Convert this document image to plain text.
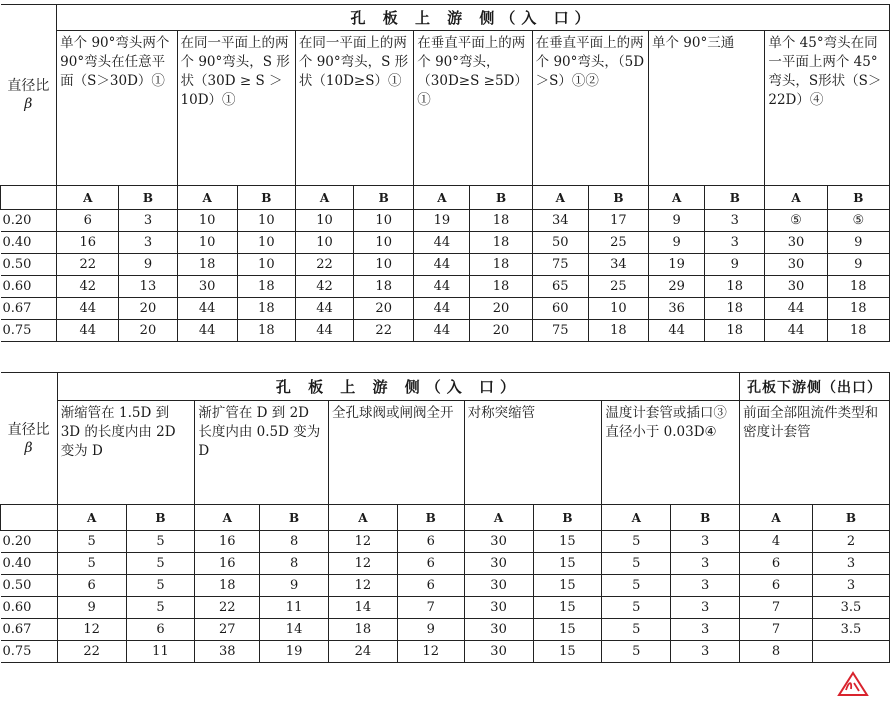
直径比
β	孔 板 上 游 侧（入 口）													
	单个 90°弯头两个 90°弯头在任意平面（S＞30D）①		在同一平面上的两个 90°弯头，S 形状（30D ≥ S ＞ 10D）①		在同一平面上的两个 90°弯头，S 形状（10D≥S）①		在垂直平面上的两个 90°弯头，（30D≥S ≥5D）①		在垂直平面上的两个 90°弯头，（5D＞S）①②		单个 90°三通		单个 45°弯头在同一平面上两个 45°弯头，S形状（S＞22D）④	
	A	B	A	B	A	B	A	B	A	B	A	B	A	B
0.20	6	3	10	10	10	10	19	18	34	17	9	3	⑤	⑤
0.40	16	3	10	10	10	10	44	18	50	25	9	3	30	9
0.50	22	9	18	10	22	10	44	18	75	34	19	9	30	9
0.60	42	13	30	18	42	18	44	18	65	25	29	18	30	18
0.67	44	20	44	18	44	20	44	20	60	10	36	18	44	18
0.75	44	20	44	18	44	22	44	20	75	18	44	18	44	18
直径比
β	孔 板 上 游 侧（入 口）										孔板下游侧（出口）	
	渐缩管在 1.5D 到 3D 的长度内由 2D 变为 D		渐扩管在 D 到 2D 长度内由 0.5D 变为 D		全孔球阀或闸阀全开		对称突缩管		温度计套管或插口③ 直径小于 0.03D④		前面全部阻流件类型和密度计套管	
	A	B	A	B	A	B	A	B	A	B	A	B
0.20	5	5	16	8	12	6	30	15	5	3	4	2
0.40	5	5	16	8	12	6	30	15	5	3	6	3
0.50	6	5	18	9	12	6	30	15	5	3	6	3
0.60	9	5	22	11	14	7	30	15	5	3	7	3.5
0.67	12	6	27	14	18	9	30	15	5	3	7	3.5
0.75	22	11	38	19	24	12	30	15	5	3	8	
